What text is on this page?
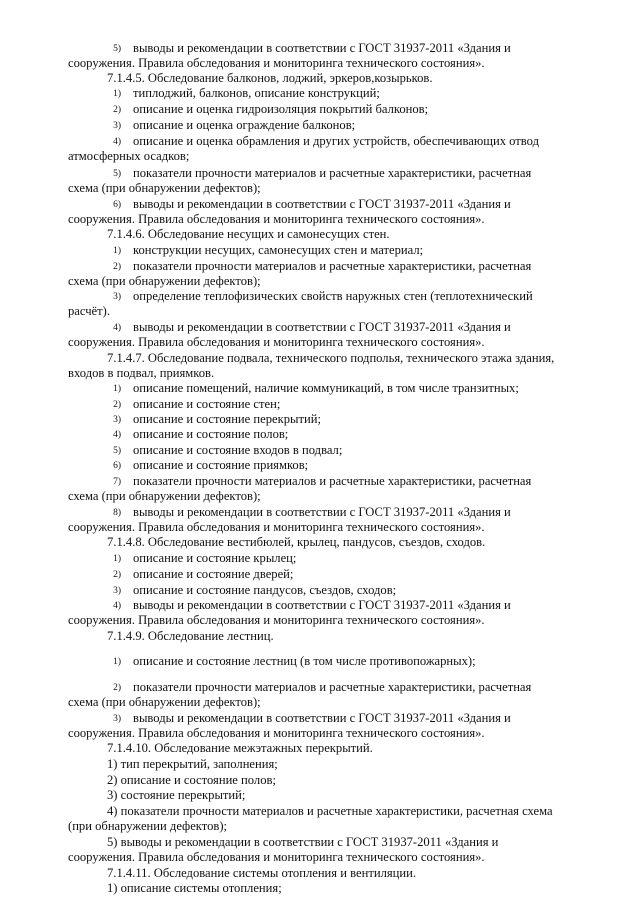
5) выводы и рекомендации в соответствии с ГОСТ 31937-2011 «Здания и
сооружения. Правила обследования и мониторинга технического состояния».
7.1.4.5. Обследование балконов, лоджий, эркеров,козырьков.
1) типлоджий, балконов, описание конструкций;
2) описание и оценка гидроизоляция покрытий балконов;
3) описание и оценка ограждение балконов;
4) описание и оценка обрамления и других устройств, обеспечивающих отвод
атмосферных осадков;
5) показатели прочности материалов и расчетные характеристики, расчетная
схема (при обнаружении дефектов);
6) выводы и рекомендации в соответствии с ГОСТ 31937-2011 «Здания и
сооружения. Правила обследования и мониторинга технического состояния».
7.1.4.6. Обследование несущих и самонесущих стен.
1) конструкции несущих, самонесущих стен и материал;
2) показатели прочности материалов и расчетные характеристики, расчетная
схема (при обнаружении дефектов);
3) определение теплофизических свойств наружных стен (теплотехнический
расчёт).
4) выводы и рекомендации в соответствии с ГОСТ 31937-2011 «Здания и
сооружения. Правила обследования и мониторинга технического состояния».
7.1.4.7. Обследование подвала, технического подполья, технического этажа здания,
входов в подвал, приямков.
1) описание помещений, наличие коммуникаций, в том числе транзитных;
2) описание и состояние стен;
3) описание и состояние перекрытий;
4) описание и состояние полов;
5) описание и состояние входов в подвал;
6) описание и состояние приямков;
7) показатели прочности материалов и расчетные характеристики, расчетная
схема (при обнаружении дефектов);
8) выводы и рекомендации в соответствии с ГОСТ 31937-2011 «Здания и
сооружения. Правила обследования и мониторинга технического состояния».
7.1.4.8. Обследование вестибюлей, крылец, пандусов, съездов, сходов.
1) описание и состояние крылец;
2) описание и состояние дверей;
3) описание и состояние пандусов, съездов, сходов;
4) выводы и рекомендации в соответствии с ГОСТ 31937-2011 «Здания и
сооружения. Правила обследования и мониторинга технического состояния».
7.1.4.9. Обследование лестниц.
1) описание и состояние лестниц (в том числе противопожарных);
2) показатели прочности материалов и расчетные характеристики, расчетная
схема (при обнаружении дефектов);
3) выводы и рекомендации в соответствии с ГОСТ 31937-2011 «Здания и
сооружения. Правила обследования и мониторинга технического состояния».
7.1.4.10. Обследование межэтажных перекрытий.
1) тип перекрытий, заполнения;
2) описание и состояние полов;
3) состояние перекрытий;
4) показатели прочности материалов и расчетные характеристики, расчетная схема
(при обнаружении дефектов);
5) выводы и рекомендации в соответствии с ГОСТ 31937-2011 «Здания и
сооружения. Правила обследования и мониторинга технического состояния».
7.1.4.11. Обследование системы отопления и вентиляции.
1) описание системы отопления;
